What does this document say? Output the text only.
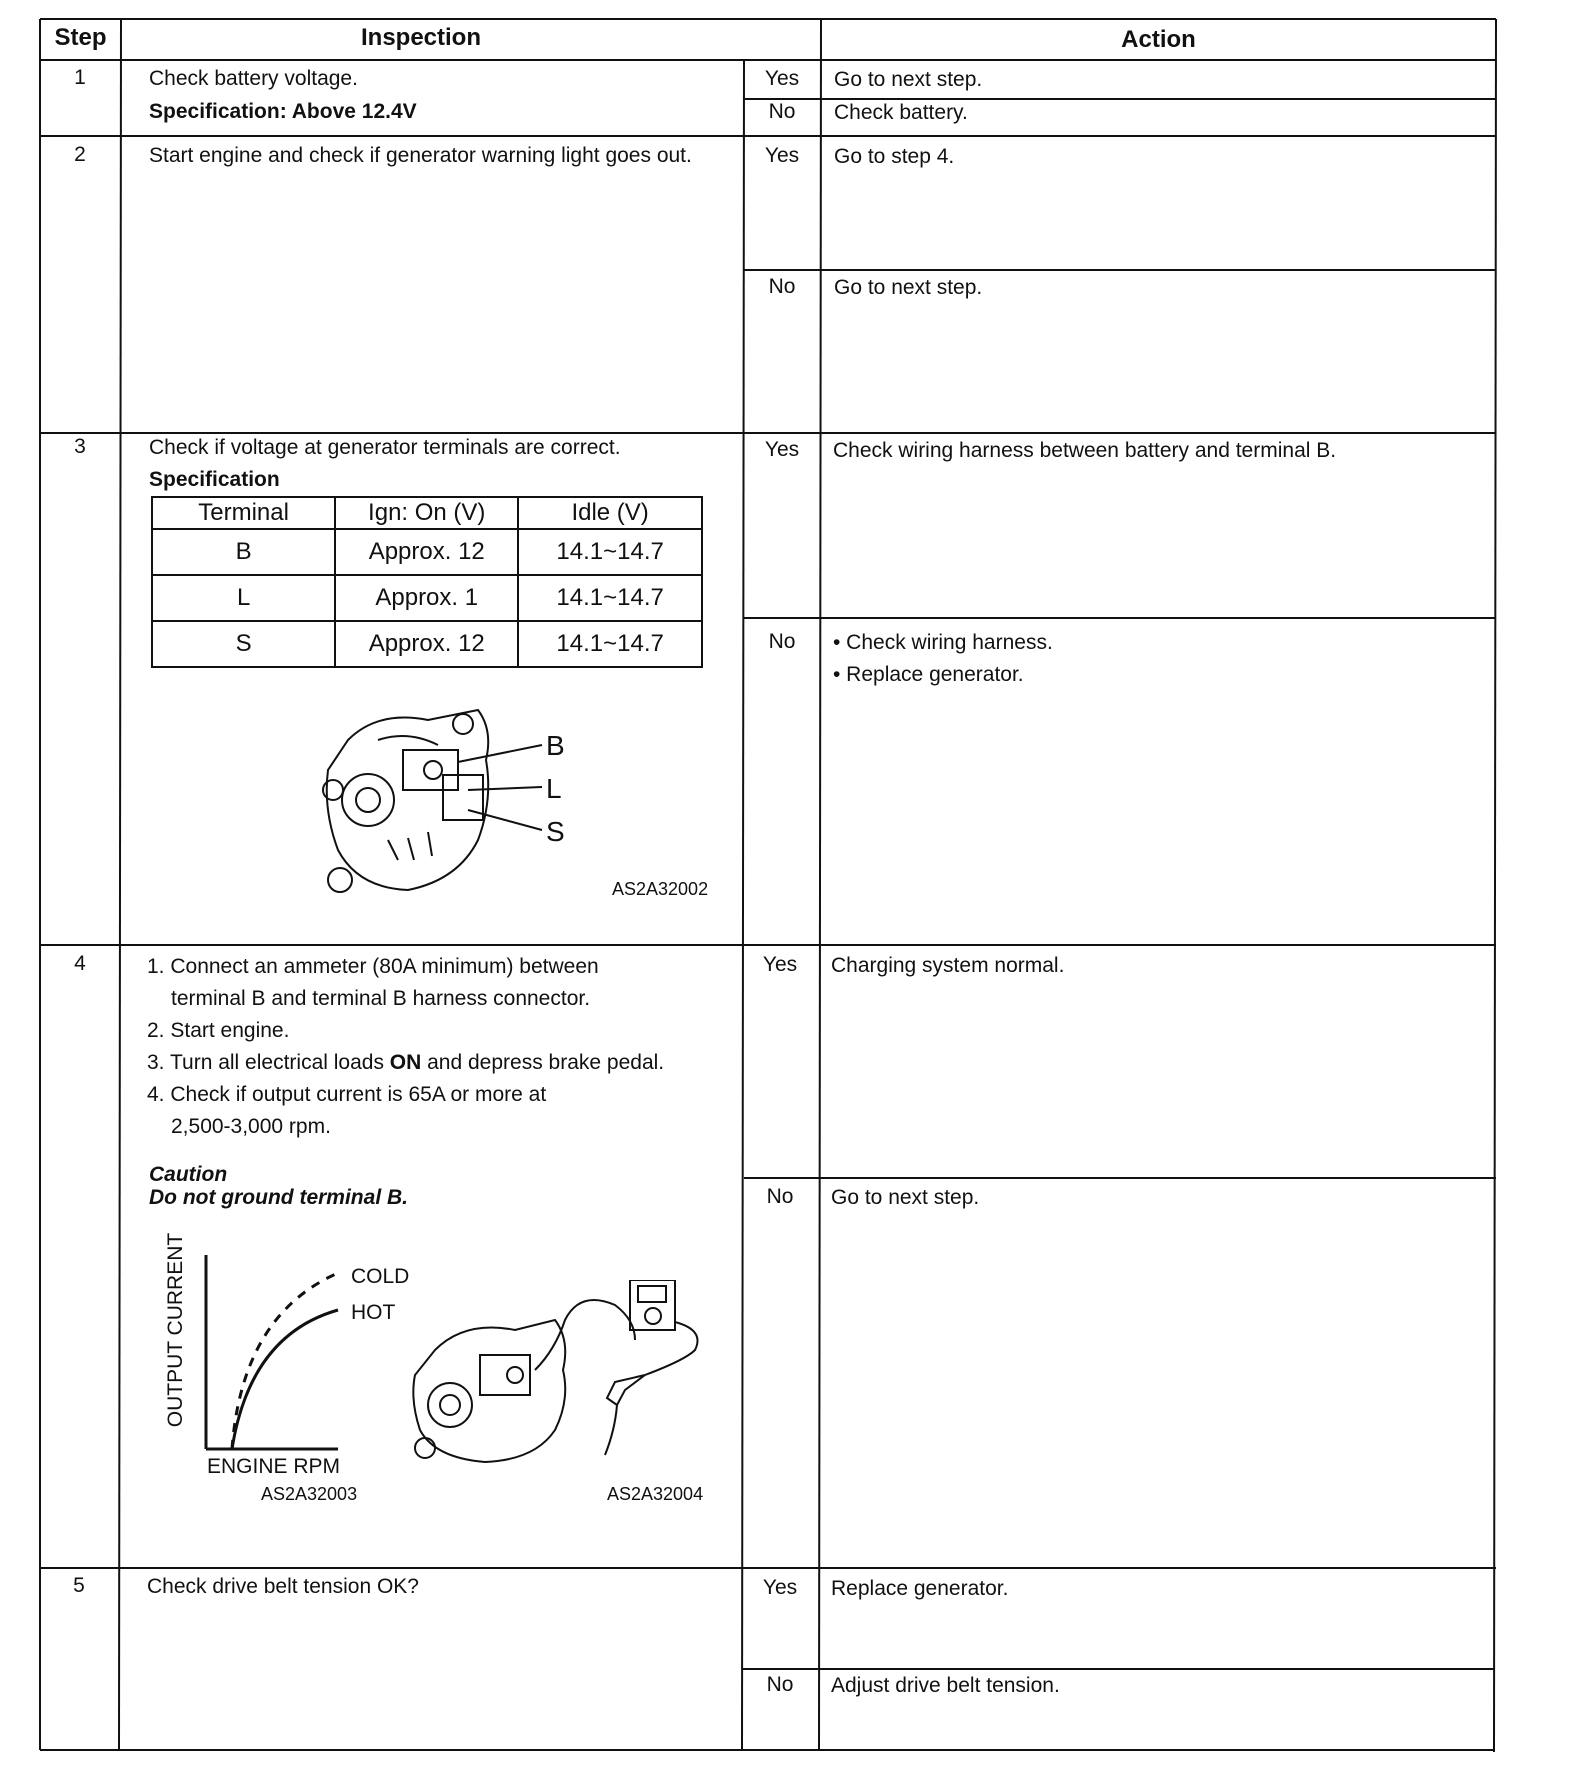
Step	Inspection	Action
1	Check battery voltage.
Specification: Above 12.4V
Yes	Go to next step.
No	Check battery.
2	Start engine and check if generator warning light goes out.	Yes	Go to step 4.
No	Go to next step.
3	Check if voltage at generator terminals are correct.
Specification
Terminal	Ign: On (V)	Idle (V)
B	Approx. 12	14.1~14.7
L	Approx. 1	14.1~14.7
S	Approx. 12	14.1~14.7
B
L
S
AS2A32002
Yes	Check wiring harness between battery and terminal B.
No	• Check wiring harness.
• Replace generator.
4	1. Connect an ammeter (80A minimum) between
terminal B and terminal B harness connector.
2. Start engine.
3. Turn all electrical loads ON and depress brake pedal.
4. Check if output current is 65A or more at
2,500-3,000 rpm.
Caution
Do not ground terminal B.
OUTPUT CURRENT
ENGINE RPM
COLD
HOT
AS2A32003	AS2A32004
Yes	Charging system normal.
No	Go to next step.
5	Check drive belt tension OK?	Yes	Replace generator.
No	Adjust drive belt tension.
